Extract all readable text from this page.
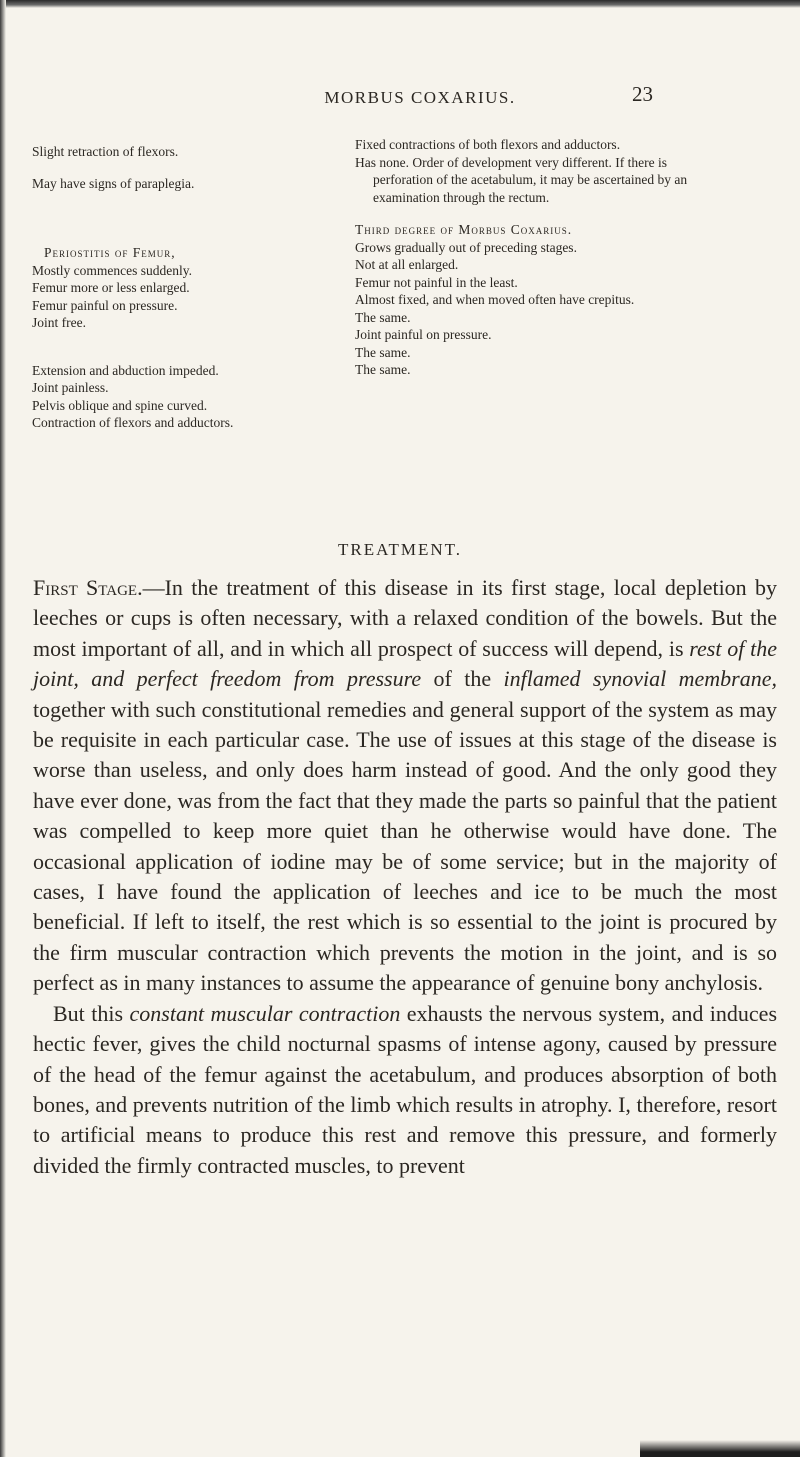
MORBUS COXARIUS.	23

Slight retraction of flexors.

May have signs of paraplegia.

Periostitis of Femur,

Mostly commences suddenly.

Femur more or less enlarged.

Femur painful on pressure.

Joint free.

Extension and abduction impeded.

Joint painless.

Pelvis oblique and spine curved.

Contraction of flexors and adductors.

Fixed contractions of both flexors and adductors.

Has none. Order of development very different. If there is perforation of the acetabulum, it may be ascertained by an examination through the rectum.

Third degree of Morbus Coxarius.

Grows gradually out of preceding stages.

Not at all enlarged.

Femur not painful in the least.

Almost fixed, and when moved often have crepitus.

The same.

Joint painful on pressure.

The same.

The same.

TREATMENT.

First Stage.—In the treatment of this disease in its first stage, local depletion by leeches or cups is often necessary, with a relaxed condition of the bowels. But the most important of all, and in which all prospect of success will depend, is rest of the joint, and perfect freedom from pressure of the inflamed synovial membrane, together with such constitutional remedies and general support of the system as may be requisite in each particular case. The use of issues at this stage of the disease is worse than useless, and only does harm instead of good. And the only good they have ever done, was from the fact that they made the parts so painful that the patient was compelled to keep more quiet than he otherwise would have done. The occasional application of iodine may be of some service; but in the majority of cases, I have found the application of leeches and ice to be much the most beneficial. If left to itself, the rest which is so essential to the joint is procured by the firm muscular contraction which prevents the motion in the joint, and is so perfect as in many instances to assume the appearance of genuine bony anchylosis.

But this constant muscular contraction exhausts the nervous system, and induces hectic fever, gives the child nocturnal spasms of intense agony, caused by pressure of the head of the femur against the acetabulum, and produces absorption of both bones, and prevents nutrition of the limb which results in atrophy. I, therefore, resort to artificial means to produce this rest and remove this pressure, and formerly divided the firmly contracted muscles, to prevent
